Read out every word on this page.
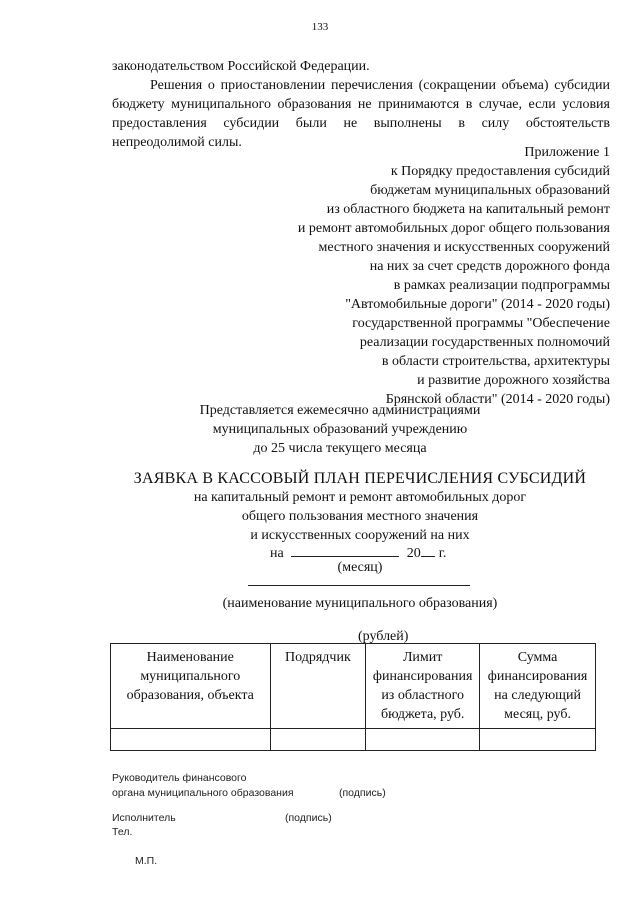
133
законодательством Российской Федерации.
Решения о приостановлении перечисления (сокращении объема) субсидии бюджету муниципального образования не принимаются в случае, если условия предоставления субсидии были не выполнены в силу обстоятельств непреодолимой силы.
Приложение 1
к Порядку предоставления субсидий
бюджетам муниципальных образований
из областного бюджета на капитальный ремонт
и ремонт автомобильных дорог общего пользования
местного значения и искусственных сооружений
на них за счет средств дорожного фонда
в рамках реализации подпрограммы
"Автомобильные дороги" (2014 - 2020 годы)
государственной программы "Обеспечение
реализации государственных полномочий
в области строительства, архитектуры
и развитие дорожного хозяйства
Брянской области" (2014 - 2020 годы)
Представляется ежемесячно администрациями
муниципальных образований учреждению
до 25 числа текущего месяца
ЗАЯВКА В КАССОВЫЙ ПЛАН ПЕРЕЧИСЛЕНИЯ СУБСИДИЙ
на капитальный ремонт и ремонт автомобильных дорог
общего пользования местного значения
и искусственных сооружений на них
на	20 г.
(месяц)
(наименование муниципального образования)
(рублей)
Наименование муниципального образования, объекта	Подрядчик	Лимит финансирования из областного бюджета, руб.	Сумма финансирования на следующий месяц, руб.

Руководитель финансового
органа муниципального образования	(подпись)
Исполнитель	(подпись)
Тел.
М.П.
